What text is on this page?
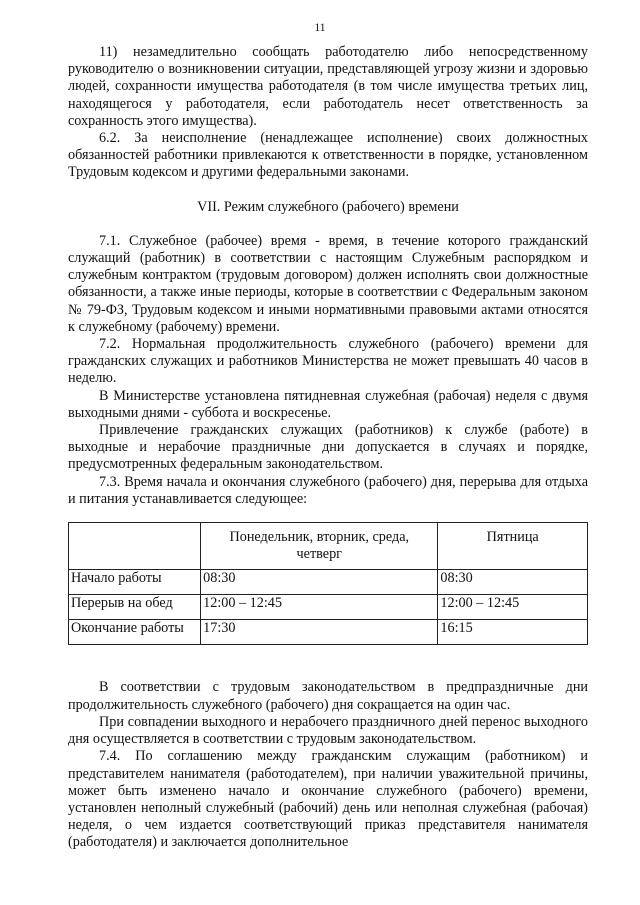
11

11) незамедлительно сообщать работодателю либо непосредственному руководителю о возникновении ситуации, представляющей угрозу жизни и здоровью людей, сохранности имущества работодателя (в том числе имущества третьих лиц, находящегося у работодателя, если работодатель несет ответственность за сохранность этого имущества).

6.2. За неисполнение (ненадлежащее исполнение) своих должностных обязанностей работники привлекаются к ответственности в порядке, установленном Трудовым кодексом и другими федеральными законами.

VII. Режим служебного (рабочего) времени

7.1. Служебное (рабочее) время - время, в течение которого гражданский служащий (работник) в соответствии с настоящим Служебным распорядком и служебным контрактом (трудовым договором) должен исполнять свои должностные обязанности, а также иные периоды, которые в соответствии с Федеральным законом № 79-ФЗ, Трудовым кодексом и иными нормативными правовыми актами относятся к служебному (рабочему) времени.

7.2. Нормальная продолжительность служебного (рабочего) времени для гражданских служащих и работников Министерства не может превышать 40 часов в неделю.

В Министерстве установлена пятидневная служебная (рабочая) неделя с двумя выходными днями - суббота и воскресенье.

Привлечение гражданских служащих (работников) к службе (работе) в выходные и нерабочие праздничные дни допускается в случаях и порядке, предусмотренных федеральным законодательством.

7.3. Время начала и окончания служебного (рабочего) дня, перерыва для отдыха и питания устанавливается следующее:

	Понедельник, вторник, среда, четверг	Пятница
Начало работы	08:30	08:30
Перерыв на обед	12:00 – 12:45	12:00 – 12:45
Окончание работы	17:30	16:15

В соответствии с трудовым законодательством в предпраздничные дни продолжительность служебного (рабочего) дня сокращается на один час.

При совпадении выходного и нерабочего праздничного дней перенос выходного дня осуществляется в соответствии с трудовым законодательством.

7.4. По соглашению между гражданским служащим (работником) и представителем нанимателя (работодателем), при наличии уважительной причины, может быть изменено начало и окончание служебного (рабочего) времени, установлен неполный служебный (рабочий) день или неполная служебная (рабочая) неделя, о чем издается соответствующий приказ представителя нанимателя (работодателя) и заключается дополнительное
